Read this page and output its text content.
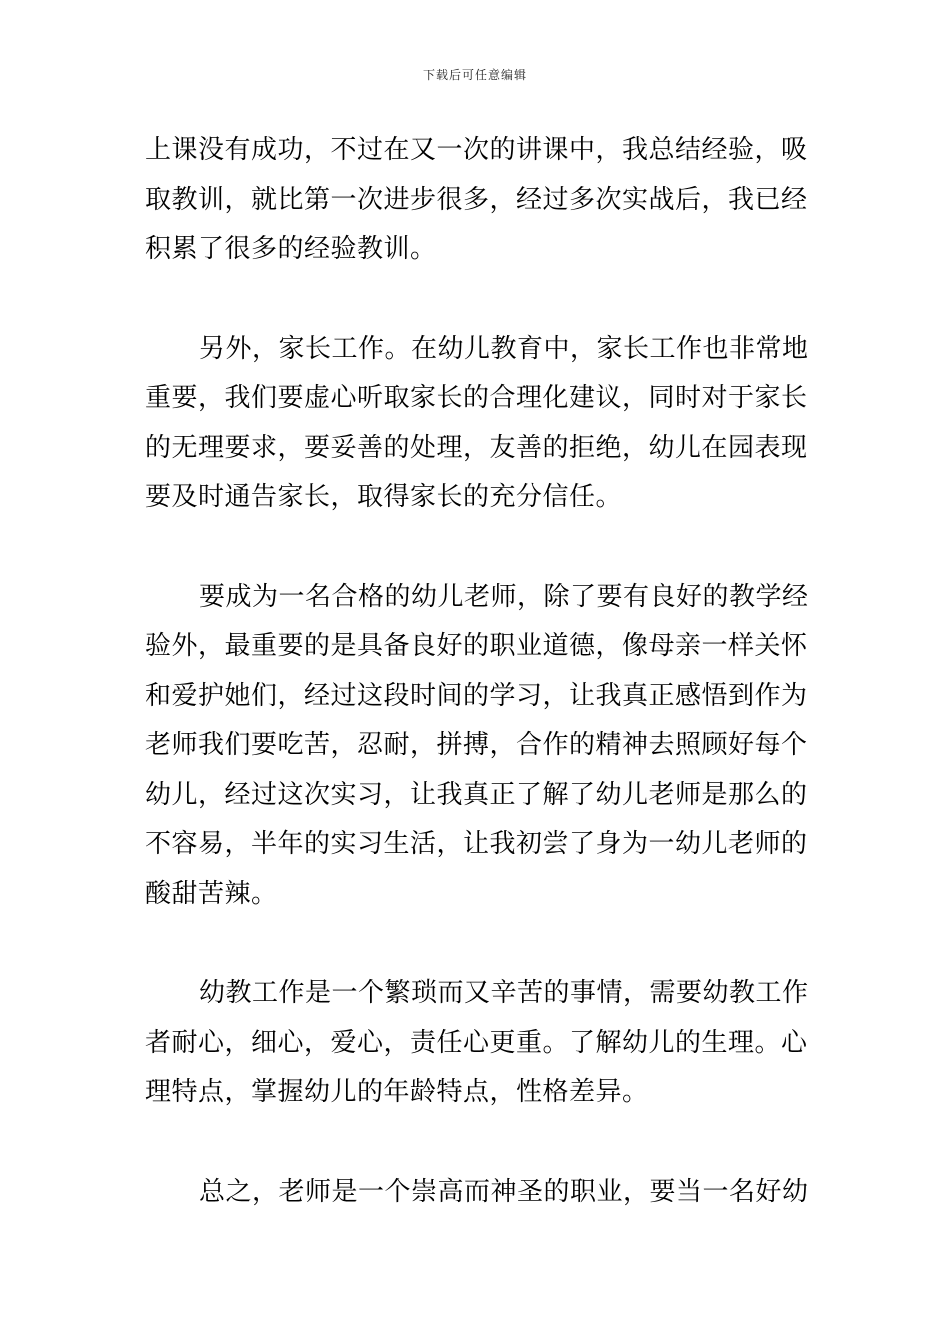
下载后可任意编辑
上课没有成功，不过在又一次的讲课中，我总结经验，吸
取教训，就比第一次进步很多，经过多次实战后，我已经
积累了很多的经验教训。
另外，家长工作。在幼儿教育中，家长工作也非常地
重要，我们要虚心听取家长的合理化建议，同时对于家长
的无理要求，要妥善的处理，友善的拒绝，幼儿在园表现
要及时通告家长，取得家长的充分信任。
要成为一名合格的幼儿老师，除了要有良好的教学经
验外，最重要的是具备良好的职业道德，像母亲一样关怀
和爱护她们，经过这段时间的学习，让我真正感悟到作为
老师我们要吃苦，忍耐，拼搏，合作的精神去照顾好每个
幼儿，经过这次实习，让我真正了解了幼儿老师是那么的
不容易，半年的实习生活，让我初尝了身为一幼儿老师的
酸甜苦辣。
幼教工作是一个繁琐而又辛苦的事情，需要幼教工作
者耐心，细心，爱心，责任心更重。了解幼儿的生理。心
理特点，掌握幼儿的年龄特点，性格差异。
总之，老师是一个崇高而神圣的职业，要当一名好幼
